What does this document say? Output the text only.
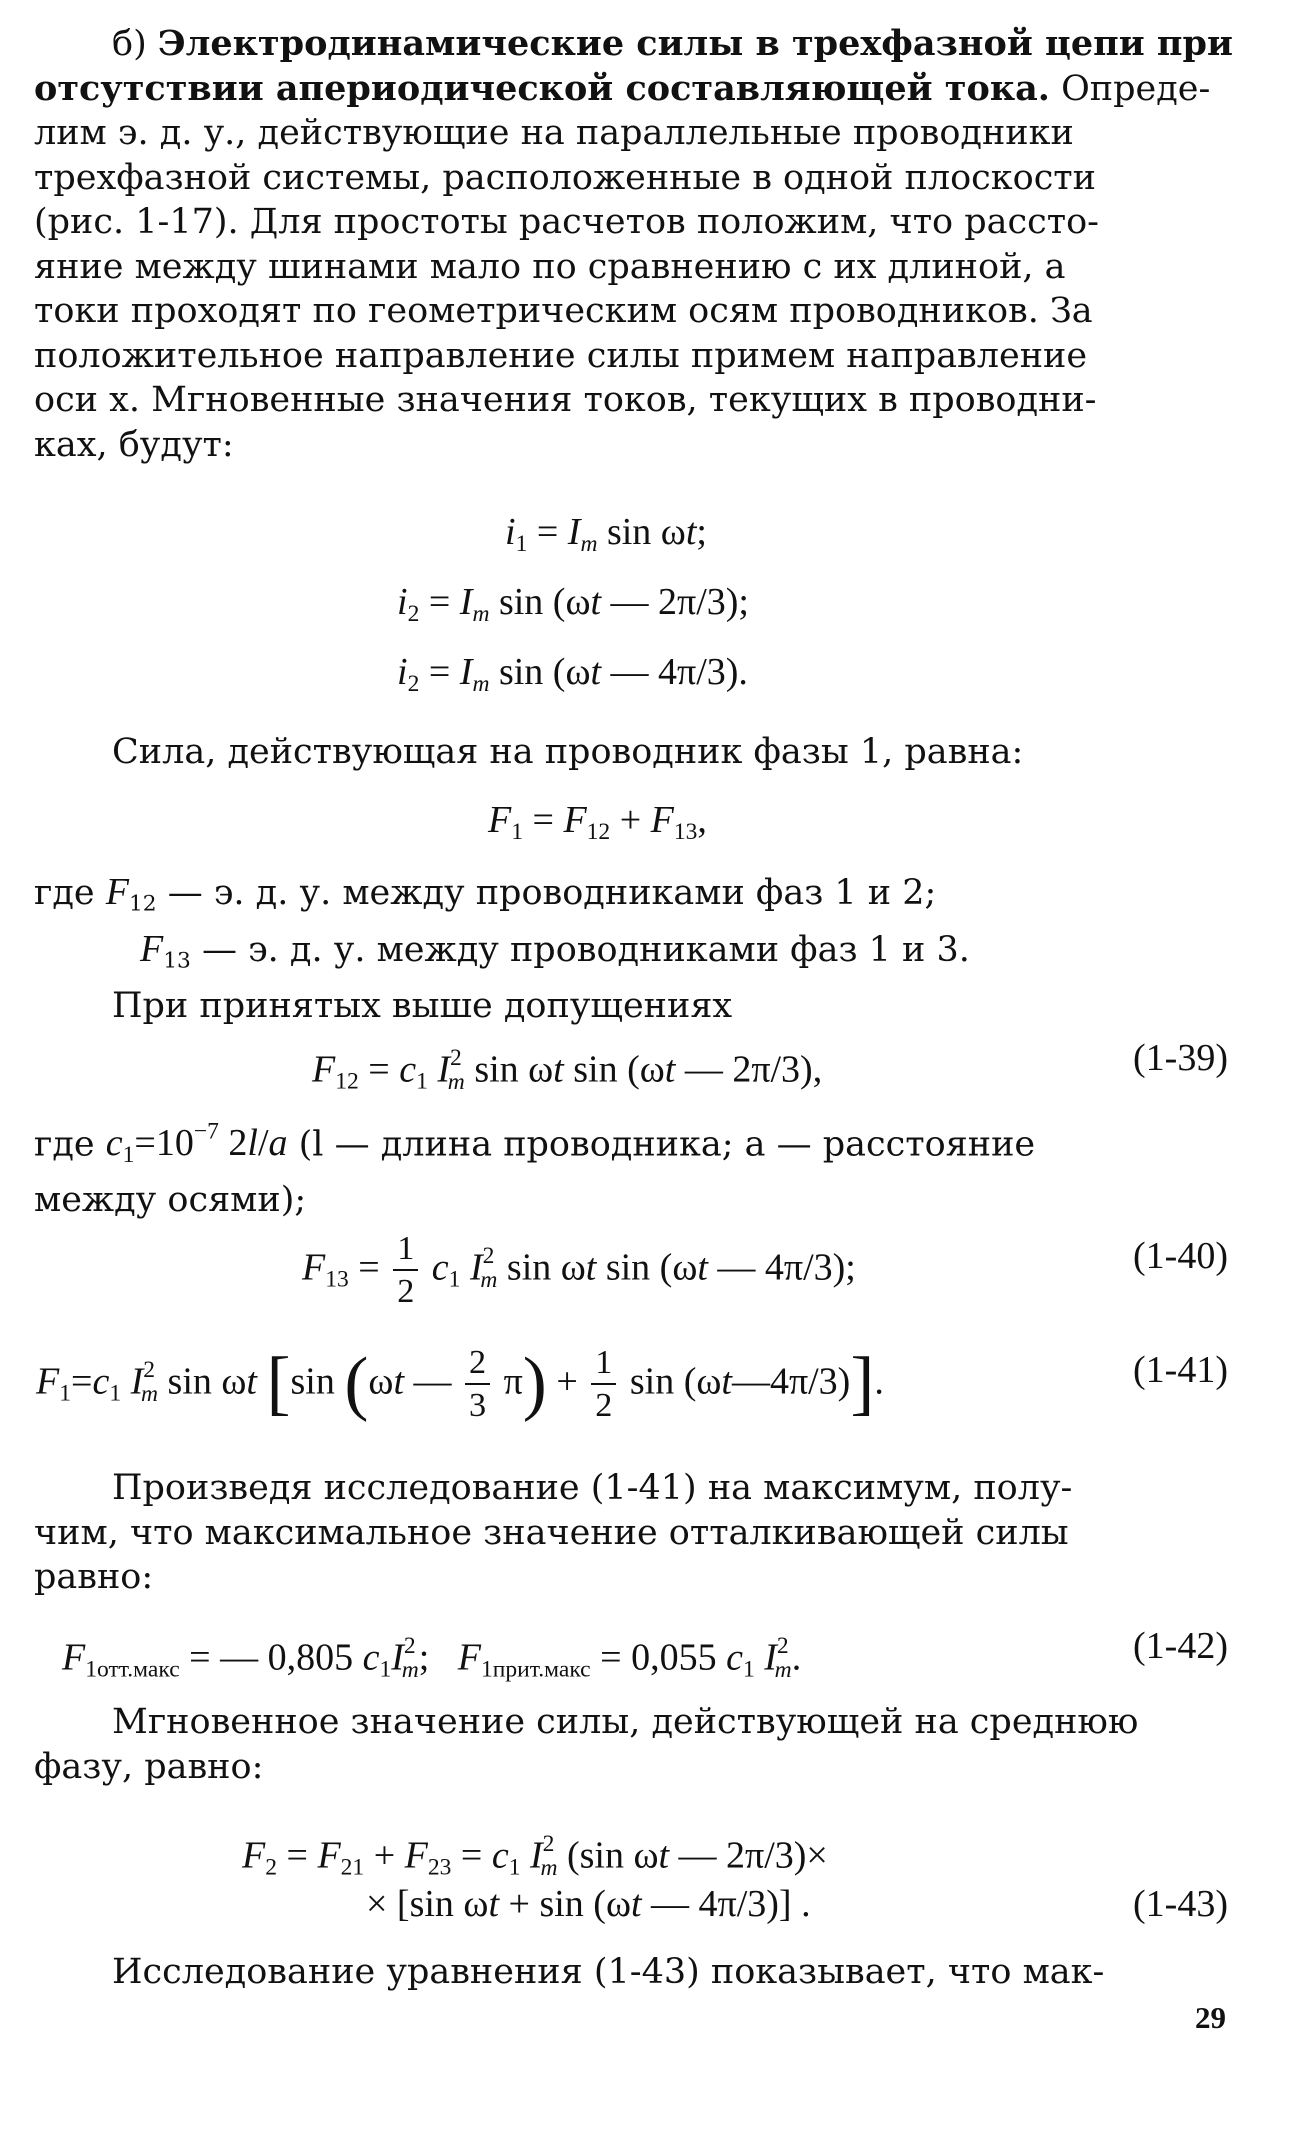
б) Электродинамические силы в трехфазной цепи при
отсутствии апериодической составляющей тока. Опреде-
лим э. д. у., действующие на параллельные проводники
трехфазной системы, расположенные в одной плоскости
(рис. 1-17). Для простоты расчетов положим, что рассто-
яние между шинами мало по сравнению с их длиной, а
токи проходят по геометрическим осям проводников. За
положительное направление силы примем направление
оси x. Мгновенные значения токов, текущих в проводни-
ках, будут:
$i_1 = I_m$ sin ωt;
$i_2 = I_m$ sin (ωt — 2π/3);
$i_2 = I_m$ sin (ωt — 4π/3).
Сила, действующая на проводник фазы 1, равна:
$F_1 = F_{12} + F_{13}$,
где $F_{12}$ — э. д. у. между проводниками фаз 1 и 2;
$F_{13}$ — э. д. у. между проводниками фаз 1 и 3.
При принятых выше допущениях
$F_{12} = c_1$ $I^2_m$ sin ωt sin (ωt — 2π/3),	(1-39)
где $c_1=10^{-7}$ 2l/a (l — длина проводника; a — расстояние
между осями);
$F_{13} = \frac{1}{2} c_1$ $I^2_m$ sin ωt sin (ωt — 4π/3);	(1-40)
$F_1=c_1$ $I^2_m$ sin ωt [sin (ωt — $\frac{2}{3} \pi) + \frac{1}{2}$ sin (ωt—4π/3)].	(1-41)
Произведя исследование (1-41) на максимум, полу-
чим, что максимальное значение отталкивающей силы
равно:
$F_{1отт.макс}$ = — 0,805 $c_1I^2_m$;   $F_{1прит.макс} = 0,055$ $c_1$ $I^2_m$.	(1-42)
Мгновенное значение силы, действующей на среднюю
фазу, равно:
$F_2 = F_{21} + F_{23} = c_1$ $I^2_m$ (sin ωt — 2π/3)×
× [sin ωt + sin (ωt — 4π/3)] .	(1-43)
Исследование уравнения (1-43) показывает, что мак-
29
